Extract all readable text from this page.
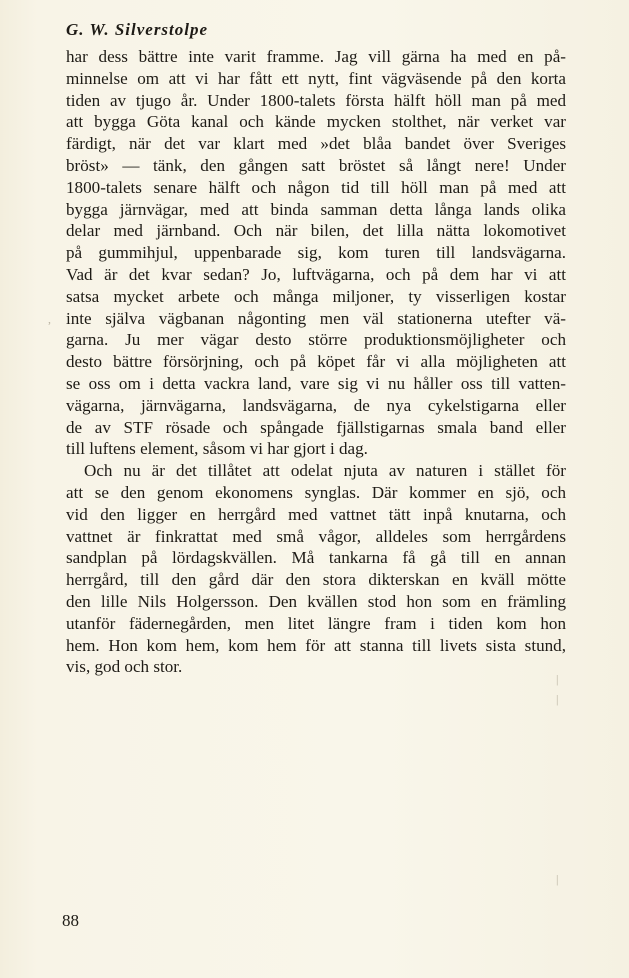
G. W. Silverstolpe
har dess bättre inte varit framme. Jag vill gärna ha med en på-
minnelse om att vi har fått ett nytt, fint vägväsende på den korta
tiden av tjugo år. Under 1800-talets första hälft höll man på med
att bygga Göta kanal och kände mycken stolthet, när verket var
färdigt, när det var klart med »det blåa bandet över Sveriges
bröst» — tänk, den gången satt bröstet så långt nere! Under
1800-talets senare hälft och någon tid till höll man på med att
bygga järnvägar, med att binda samman detta långa lands olika
delar med järnband. Och när bilen, det lilla nätta lokomotivet
på gummihjul, uppenbarade sig, kom turen till landsvägarna.
Vad är det kvar sedan? Jo, luftvägarna, och på dem har vi att
satsa mycket arbete och många miljoner, ty visserligen kostar
inte själva vägbanan någonting men väl stationerna utefter vä-
garna. Ju mer vägar desto större produktionsmöjligheter och
desto bättre försörjning, och på köpet får vi alla möjligheten att
se oss om i detta vackra land, vare sig vi nu håller oss till vatten-
vägarna, järnvägarna, landsvägarna, de nya cykelstigarna eller
de av STF rösade och spångade fjällstigarnas smala band eller
till luftens element, såsom vi har gjort i dag.
Och nu är det tillåtet att odelat njuta av naturen i stället för
att se den genom ekonomens synglas. Där kommer en sjö, och
vid den ligger en herrgård med vattnet tätt inpå knutarna, och
vattnet är finkrattat med små vågor, alldeles som herrgårdens
sandplan på lördagskvällen. Må tankarna få gå till en annan
herrgård, till den gård där den stora dikterskan en kväll mötte
den lille Nils Holgersson. Den kvällen stod hon som en främling
utanför fädernegården, men litet längre fram i tiden kom hon
hem. Hon kom hem, kom hem för att stanna till livets sista stund,
vis, god och stor.
88
,
|
|
|
